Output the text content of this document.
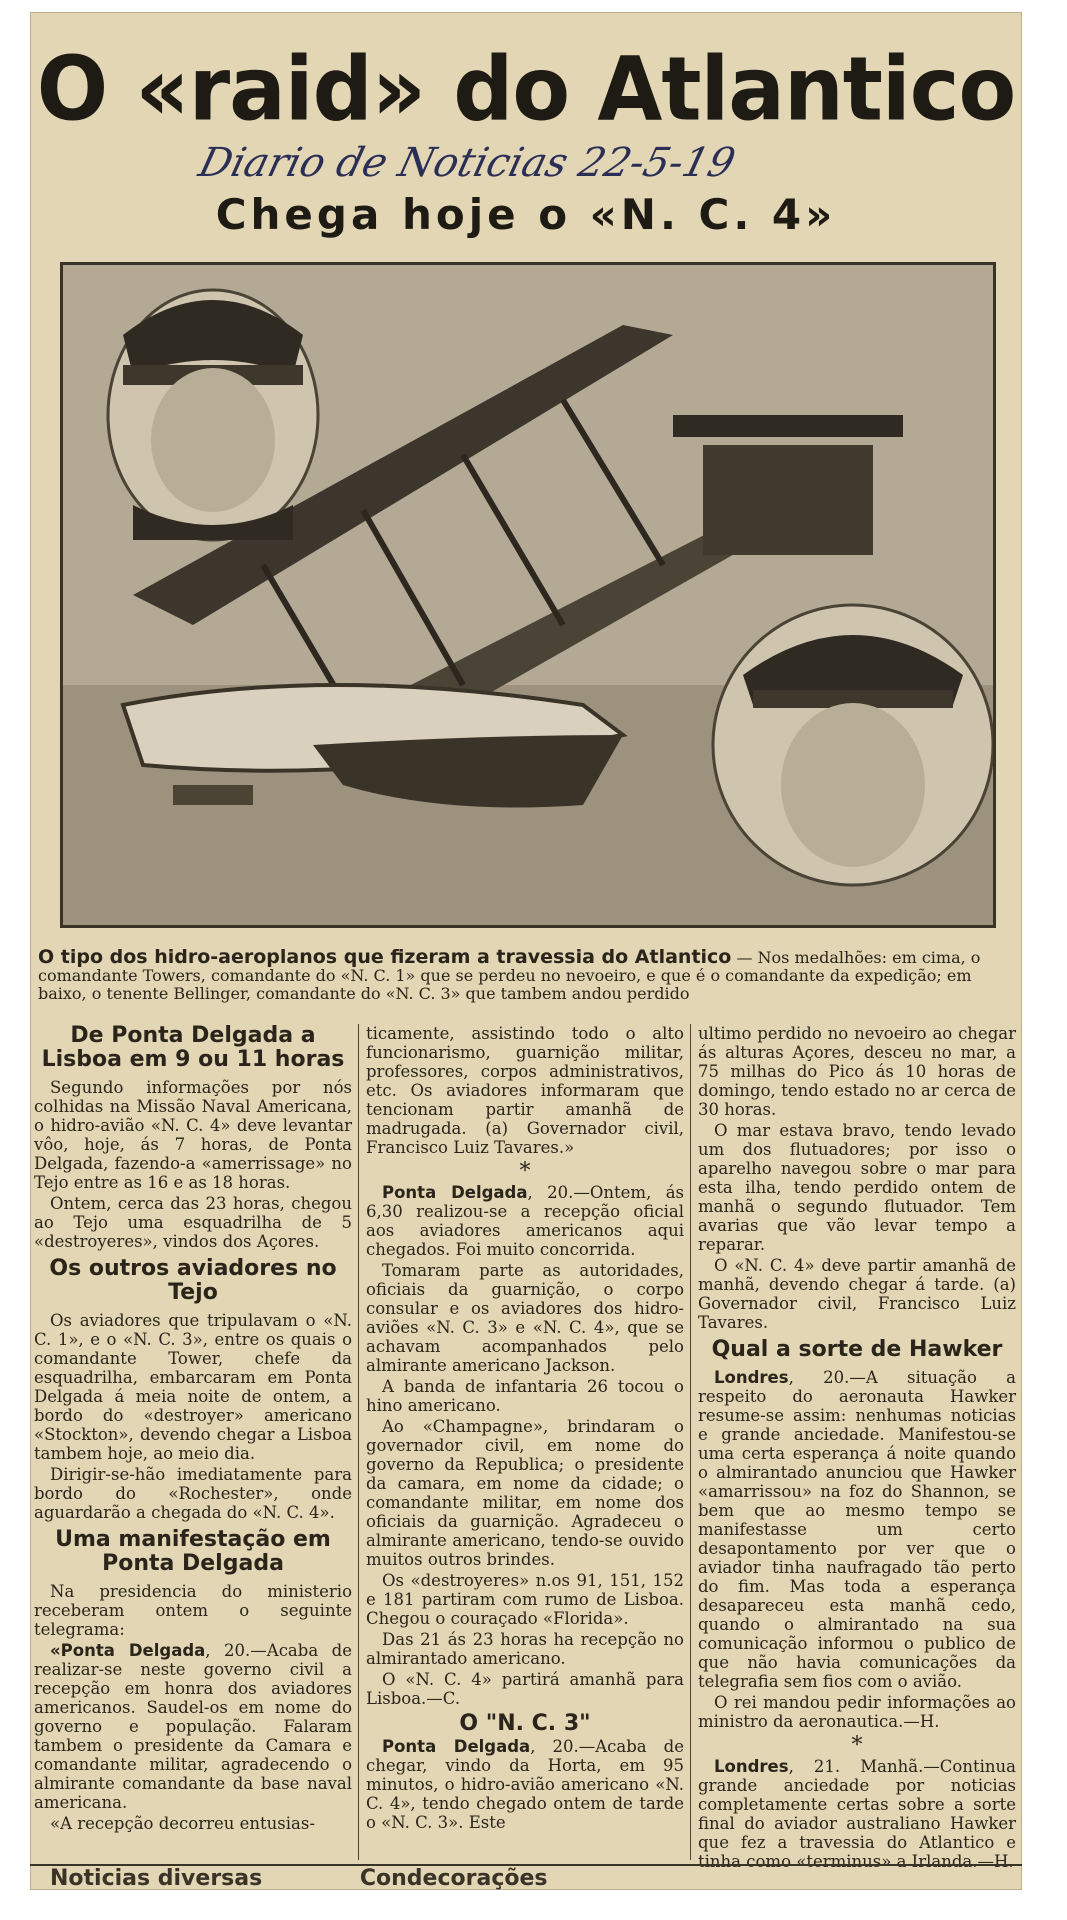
O «raid» do Atlantico
Diario de Noticias 22-5-19
Chega hoje o «N. C. 4»
O tipo dos hidro-aeroplanos que fizeram a travessia do Atlantico — Nos medalhões: em cima, o comandante Towers, comandante do «N. C. 1» que se perdeu no nevoeiro, e que é o comandante da expedição; em baixo, o tenente Bellinger, comandante do «N. C. 3» que tambem andou perdido
De Ponta Delgada a Lisboa em 9 ou 11 horas

Segundo informações por nós colhidas na Missão Naval Americana, o hidro-avião «N. C. 4» deve levantar vôo, hoje, ás 7 horas, de Ponta Delgada, fazendo-a «amerrissage» no Tejo entre as 16 e as 18 horas.

Ontem, cerca das 23 horas, chegou ao Tejo uma esquadrilha de 5 «destroyeres», vindos dos Açores.

Os outros aviadores no Tejo

Os aviadores que tripulavam o «N. C. 1», e o «N. C. 3», entre os quais o comandante Tower, chefe da esquadrilha, embarcaram em Ponta Delgada á meia noite de ontem, a bordo do «destroyer» americano «Stockton», devendo chegar a Lisboa tambem hoje, ao meio dia.

Dirigir-se-hão imediatamente para bordo do «Rochester», onde aguardarão a chegada do «N. C. 4».

Uma manifestação em Ponta Delgada

Na presidencia do ministerio receberam ontem o seguinte telegrama:

«Ponta Delgada, 20.—Acaba de realizar-se neste governo civil a recepção em honra dos aviadores americanos. Saudel-os em nome do governo e população. Falaram tambem o presidente da Camara e comandante militar, agradecendo o almirante comandante da base naval americana.

«A recepção decorreu entusias-

ticamente, assistindo todo o alto funcionarismo, guarnição militar, professores, corpos administrativos, etc. Os aviadores informaram que tencionam partir amanhã de madrugada. (a) Governador civil, Francisco Luiz Tavares.»

*

Ponta Delgada, 20.—Ontem, ás 6,30 realizou-se a recepção oficial aos aviadores americanos aqui chegados. Foi muito concorrida.

Tomaram parte as autoridades, oficiais da guarnição, o corpo consular e os aviadores dos hidro-aviões «N. C. 3» e «N. C. 4», que se achavam acompanhados pelo almirante americano Jackson.

A banda de infantaria 26 tocou o hino americano.

Ao «Champagne», brindaram o governador civil, em nome do governo da Republica; o presidente da camara, em nome da cidade; o comandante militar, em nome dos oficiais da guarnição. Agradeceu o almirante americano, tendo-se ouvido muitos outros brindes.

Os «destroyeres» n.os 91, 151, 152 e 181 partiram com rumo de Lisboa. Chegou o couraçado «Florida».

Das 21 ás 23 horas ha recepção no almirantado americano.

O «N. C. 4» partirá amanhã para Lisboa.—C.

O "N. C. 3"

Ponta Delgada, 20.—Acaba de chegar, vindo da Horta, em 95 minutos, o hidro-avião americano «N. C. 4», tendo chegado ontem de tarde o «N. C. 3». Este

ultimo perdido no nevoeiro ao chegar ás alturas Açores, desceu no mar, a 75 milhas do Pico ás 10 horas de domingo, tendo estado no ar cerca de 30 horas.

O mar estava bravo, tendo levado um dos flutuadores; por isso o aparelho navegou sobre o mar para esta ilha, tendo perdido ontem de manhã o segundo flutuador. Tem avarias que vão levar tempo a reparar.

O «N. C. 4» deve partir amanhã de manhã, devendo chegar á tarde. (a) Governador civil, Francisco Luiz Tavares.

Qual a sorte de Hawker

Londres, 20.—A situação a respeito do aeronauta Hawker resume-se assim: nenhumas noticias e grande anciedade. Manifestou-se uma certa esperança á noite quando o almirantado anunciou que Hawker «amarrissou» na foz do Shannon, se bem que ao mesmo tempo se manifestasse um certo desapontamento por ver que o aviador tinha naufragado tão perto do fim. Mas toda a esperança desapareceu esta manhã cedo, quando o almirantado na sua comunicação informou o publico de que não havia comunicações da telegrafia sem fios com o avião.

O rei mandou pedir informações ao ministro da aeronautica.—H.

*

Londres, 21. Manhã.—Continua grande anciedade por noticias completamente certas sobre a sorte final do aviador australiano Hawker que fez a travessia do Atlantico e tinha como «terminus» a Irlanda.—H.

Noticias diversas	Condecorações
